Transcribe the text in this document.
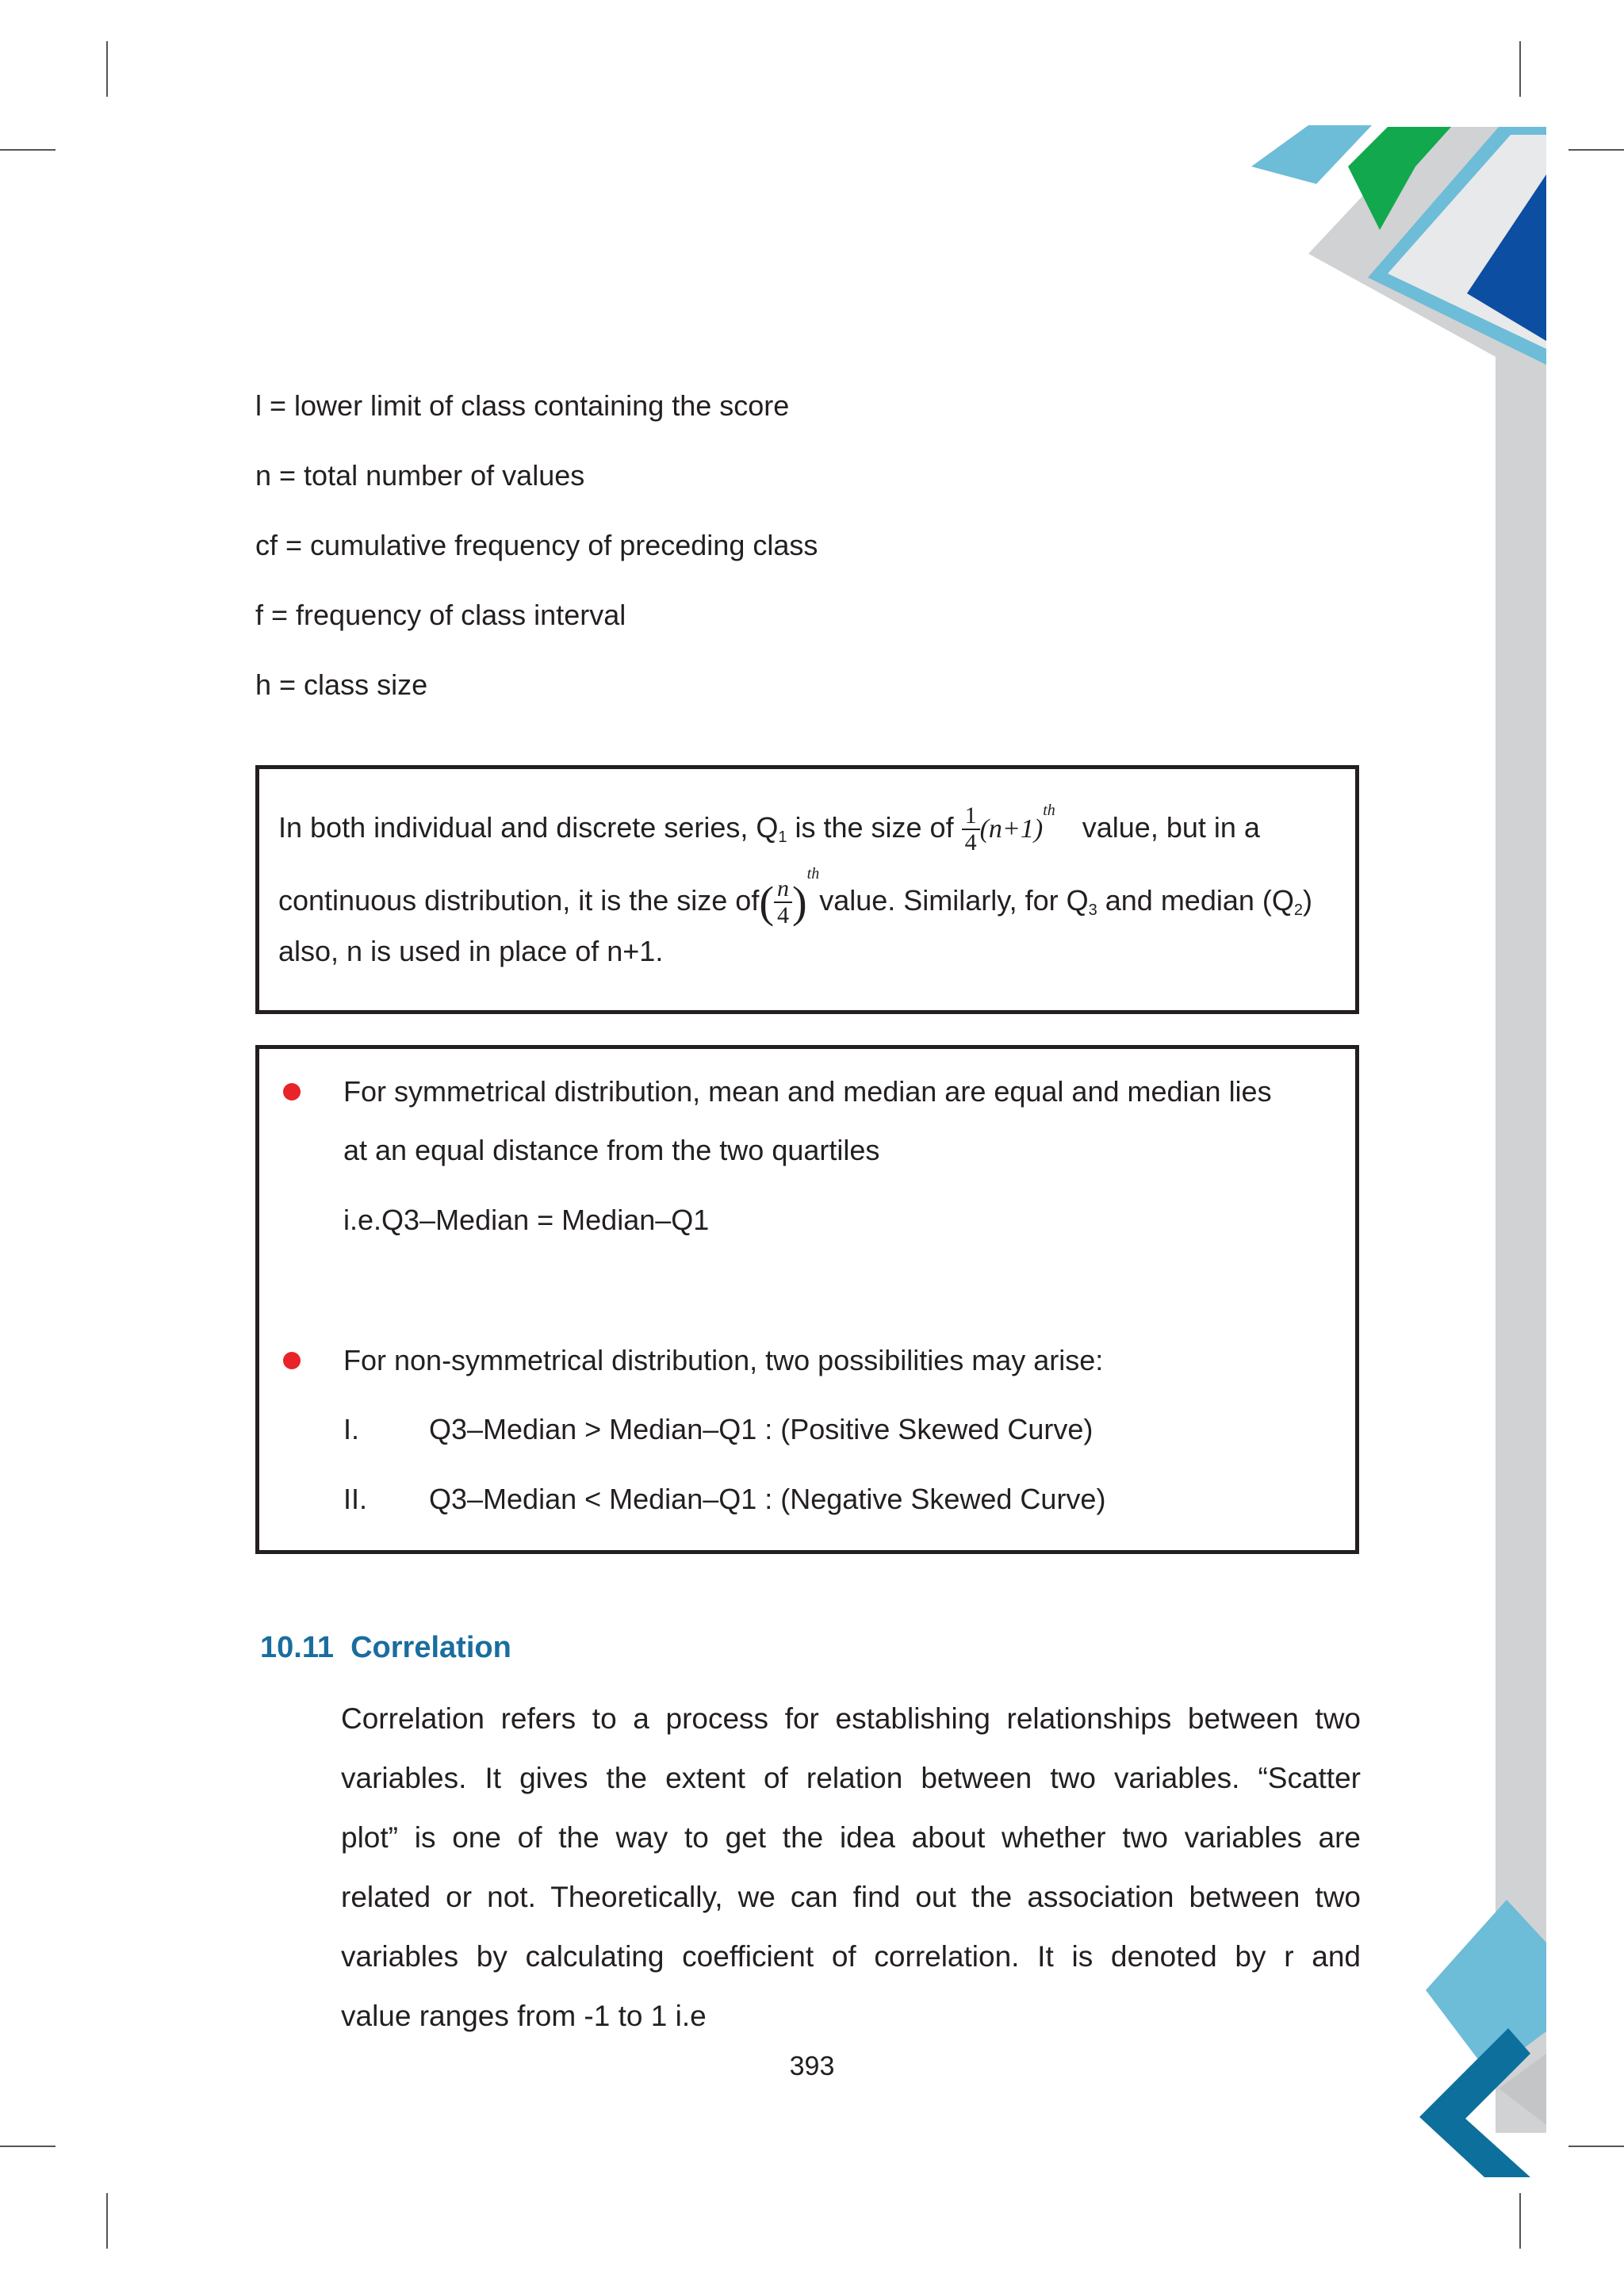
l = lower limit of class containing the score
n = total number of values
cf = cumulative frequency of preceding class
f = frequency of class interval
h = class size
In both individual and discrete series, $Q_1$ is the size of $\frac{1}{4} (n+1)^{th}$ value, but in a
continuous distribution, it is the size $of( \frac{n}{4}$ )$^{th}value$. Similarly, for $Q_3$ and median $(Q_2)$
also, n is used in place of n+1.
For symmetrical distribution, mean and median are equal and median lies
at an equal distance from the two quartiles
i.e.Q3–Median = Median–Q1
For non-symmetrical distribution, two possibilities may arise:
I. Q3–Median > Median–Q1 : (Positive Skewed Curve)
II. Q3–Median < Median–Q1 : (Negative Skewed Curve)
10.11  Correlation
Correlation refers to a process for establishing relationships between two
variables. It gives the extent of relation between two variables. “Scatter
plot” is one of the way to get the idea about whether two variables are
related or not. Theoretically, we can find out the association between two
variables by calculating coefficient of correlation. It is denoted by r and
value ranges from -1 to 1 i.e
393
